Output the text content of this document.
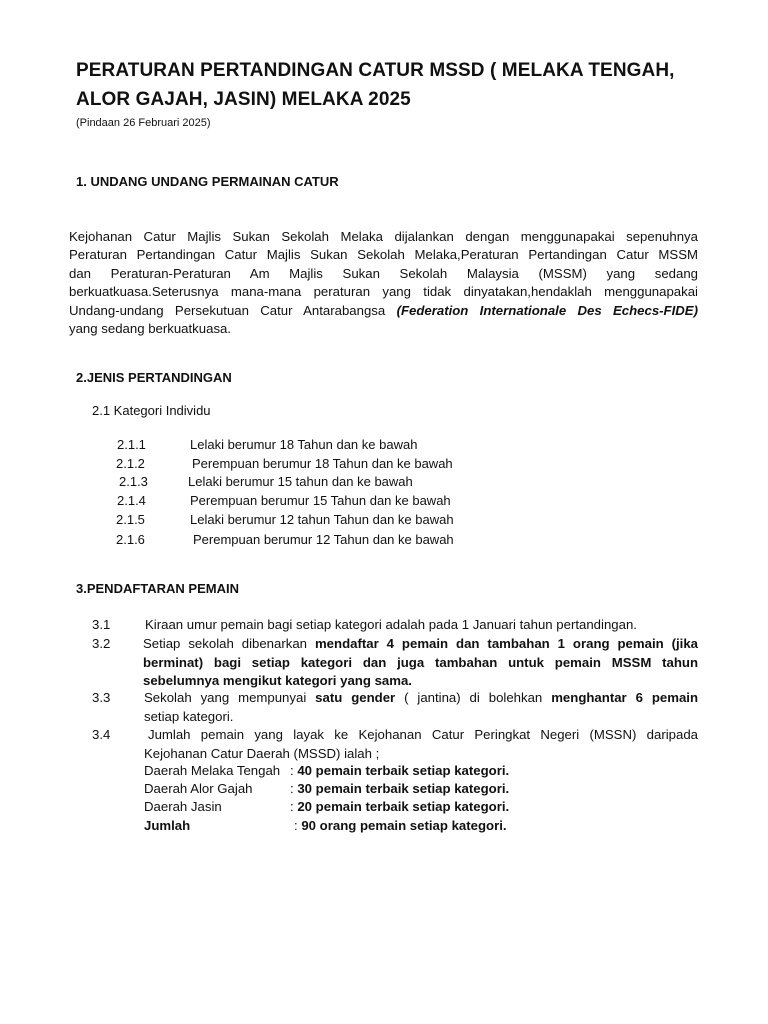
PERATURAN PERTANDINGAN CATUR MSSD ( MELAKA TENGAH,
ALOR GAJAH, JASIN) MELAKA 2025
(Pindaan 26 Februari 2025)
1. UNDANG UNDANG PERMAINAN CATUR
Kejohanan Catur Majlis Sukan Sekolah Melaka dijalankan dengan menggunapakai sepenuhnya
Peraturan Pertandingan Catur Majlis Sukan Sekolah Melaka,Peraturan Pertandingan Catur MSSM
dan Peraturan-Peraturan Am Majlis Sukan Sekolah Malaysia (MSSM) yang sedang
berkuatkuasa.Seterusnya mana-mana peraturan yang tidak dinyatakan,hendaklah menggunapakai
Undang-undang Persekutuan Catur Antarabangsa (Federation Internationale Des Echecs-FIDE)
yang sedang berkuatkuasa.
2.JENIS PERTANDINGAN
2.1 Kategori Individu
2.1.1	Lelaki berumur 18 Tahun dan ke bawah
2.1.2	Perempuan berumur 18 Tahun dan ke bawah
2.1.3	Lelaki berumur 15 tahun dan ke bawah
2.1.4	Perempuan berumur 15 Tahun dan ke bawah
2.1.5	Lelaki berumur 12 tahun Tahun dan ke bawah
2.1.6	Perempuan berumur 12 Tahun dan ke bawah
3.PENDAFTARAN PEMAIN
3.1	Kiraan umur pemain bagi setiap kategori adalah pada 1 Januari tahun pertandingan.
3.2 Setiap sekolah dibenarkan mendaftar 4 pemain dan tambahan 1 orang pemain (jika
berminat) bagi setiap kategori dan juga tambahan untuk pemain MSSM tahun
sebelumnya mengikut kategori yang sama.
3.3	Sekolah yang mempunyai satu gender ( jantina) di bolehkan menghantar 6 pemain
setiap kategori.
3.4	Jumlah pemain yang layak ke Kejohanan Catur Peringkat Negeri (MSSN) daripada
Kejohanan Catur Daerah (MSSD) ialah ;
Daerah Melaka Tengah : 40 pemain terbaik setiap kategori.
Daerah Alor Gajah	: 30 pemain terbaik setiap kategori.
Daerah Jasin	: 20 pemain terbaik setiap kategori.
Jumlah	: 90 orang pemain setiap kategori.
